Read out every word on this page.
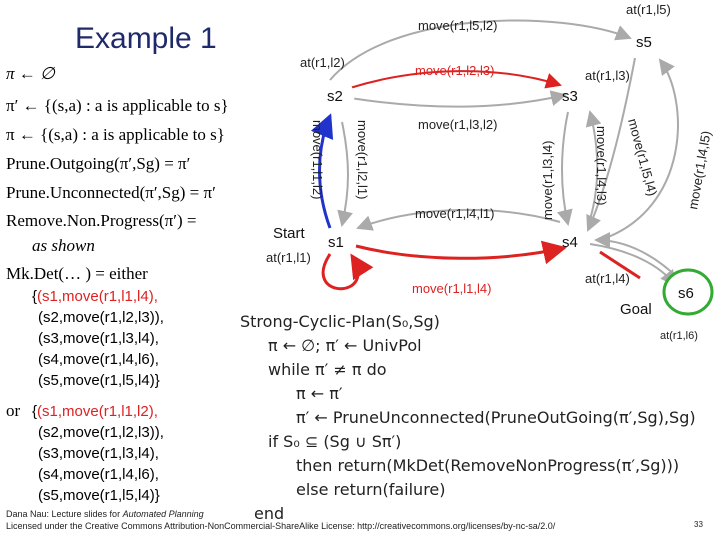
Example 1
π ← ∅
π′ ← {(s,a) : a is applicable to s}
π ← {(s,a) : a is applicable to s}
Prune.Outgoing(π′,Sg) = π′
Prune.Unconnected(π′,Sg) = π′
Remove.Non.Progress(π′) =
as shown
Mk.Det(… ) = either
{(s1,move(r1,l1,l4),
(s2,move(r1,l2,l3)),
(s3,move(r1,l3,l4),
(s4,move(r1,l4,l6),
(s5,move(r1,l5,l4)}
or {(s1,move(r1,l1,l2),
(s2,move(r1,l2,l3)),
(s3,move(r1,l3,l4),
(s4,move(r1,l4,l6),
(s5,move(r1,l5,l4)}
Strong-Cyclic-Plan(S₀,Sg)
π ← ∅; π′ ← UnivPol
while π′ ≠ π do
π ← π′
π′ ← PruneUnconnected(PruneOutGoing(π′,Sg),Sg)
if S₀ ⊆ (Sg ∪ Sπ′)
then return(MkDet(RemoveNonProgress(π′,Sg)))
else return(failure)
end
s2	s3
s5
s1	s4
Start
s6
Goal
at(r1,l2)
at(r1,l3)
at(r1,l5)
at(r1,l1)
at(r1,l4)
at(r1,l6)
move(r1,l5,l2)
move(r1,l2,l3)
move(r1,l3,l2)
move(r1,l4,l1)
move(r1,l1,l4)
move(r1,l1,l2) move(r1,l2,l1)	move(r1,l3,l4)	move(r1,l4,l3) move(r1,l5,l4) move(r1,l4,l5)
Dana Nau: Lecture slides for Automated Planning
Licensed under the Creative Commons Attribution-NonCommercial-ShareAlike License: http://creativecommons.org/licenses/by-nc-sa/2.0/	33
